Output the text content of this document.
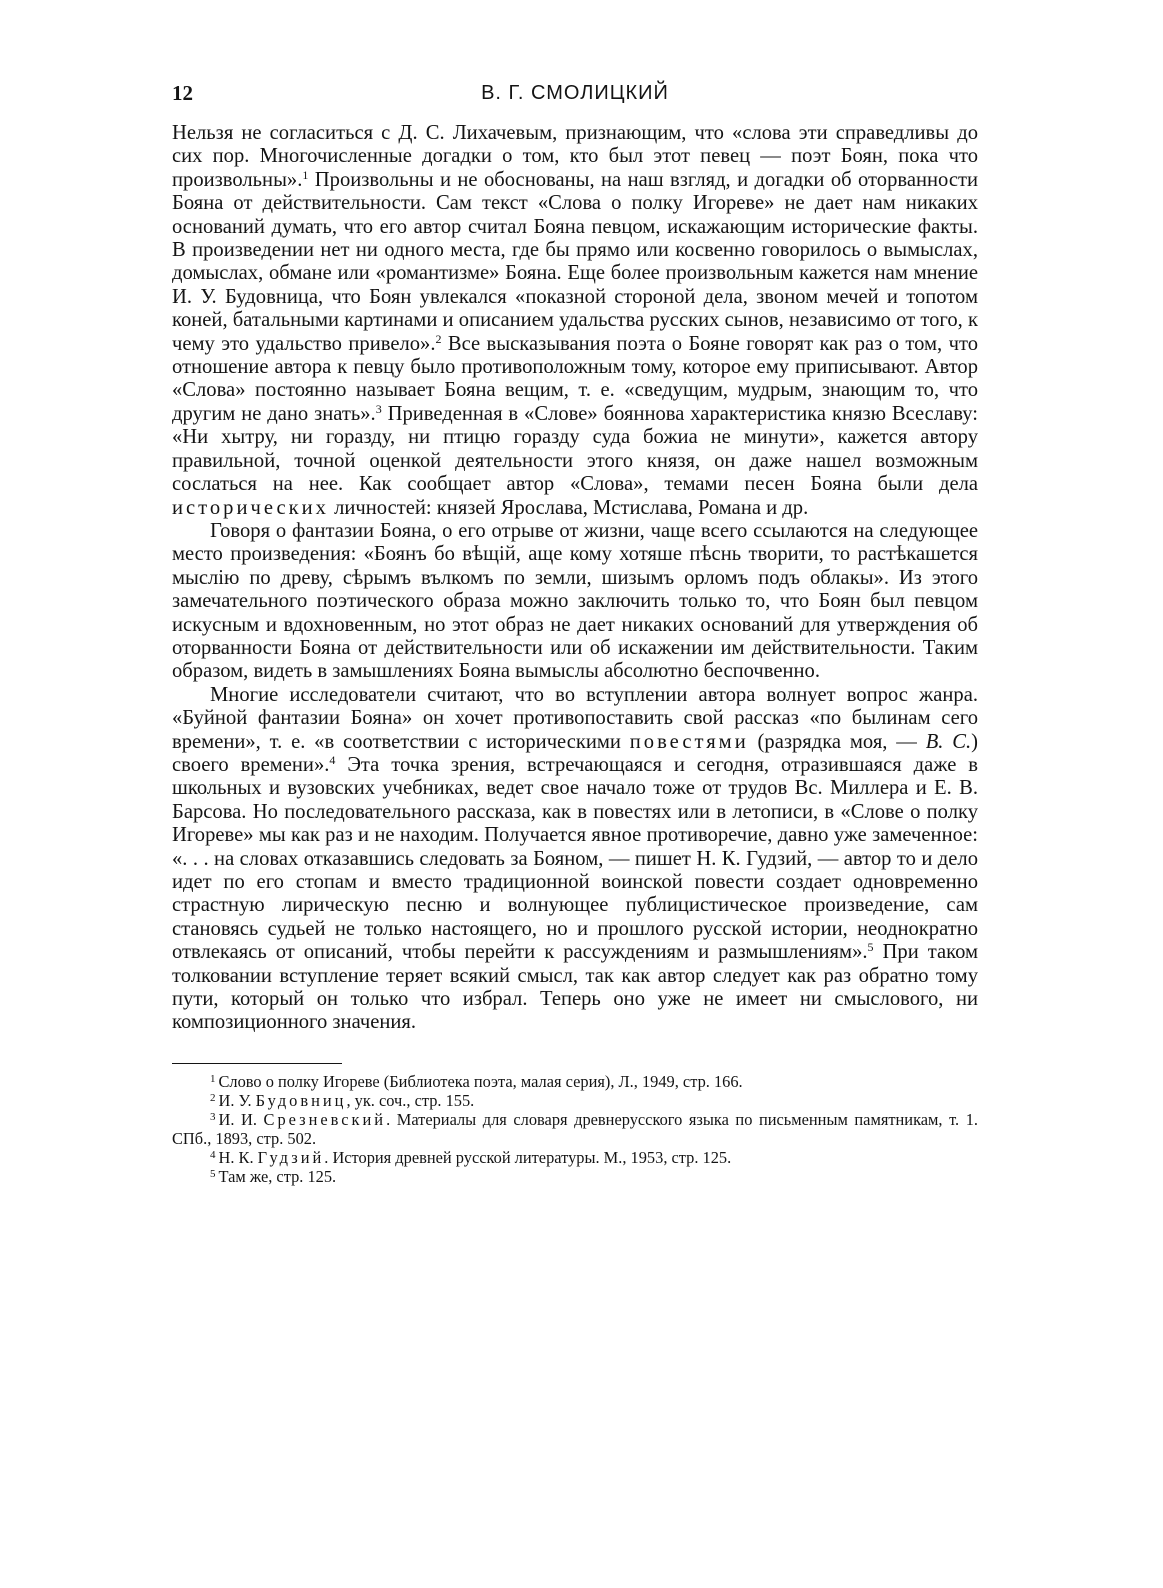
12	В. Г. СМОЛИЦКИЙ

Нельзя не согласиться с Д. С. Лихачевым, признающим, что «слова эти справедливы до сих пор. Многочисленные догадки о том, кто был этот певец — поэт Боян, пока что произвольны».$^1$ Произвольны и не обоснованы, на наш взгляд, и догадки об оторванности Бояна от действительности. Сам текст «Слова о полку Игореве» не дает нам никаких оснований думать, что его автор считал Бояна певцом, искажающим исторические факты. В произведении нет ни одного места, где бы прямо или косвенно говорилось о вымыслах, домыслах, обмане или «романтизме» Бояна. Еще более произвольным кажется нам мнение И. У. Будовница, что Боян увлекался «показной стороной дела, звоном мечей и топотом коней, батальными картинами и описанием удальства русских сынов, независимо от того, к чему это удальство привело».$^2$ Все высказывания поэта о Бояне говорят как раз о том, что отношение автора к певцу было противоположным тому, которое ему приписывают. Автор «Слова» постоянно называет Бояна вещим, т. е. «сведущим, мудрым, знающим то, что другим не дано знать».$^3$ Приведенная в «Слове» бояннова характеристика князю Всеславу: «Ни хытру, ни горазду, ни птицю горазду суда божиа не минути», кажется автору правильной, точной оценкой деятельности этого князя, он даже нашел возможным сослаться на нее. Как сообщает автор «Слова», темами песен Бояна были дела исторических личностей: князей Ярослава, Мстислава, Романа и др.

Говоря о фантазии Бояна, о его отрыве от жизни, чаще всего ссылаются на следующее место произведения: «Боянъ бо вѣщій, аще кому хотяше пѣснь творити, то растѣкашется мыслію по древу, сѣрымъ вълкомъ по земли, шизымъ орломъ подъ облакы». Из этого замечательного поэтического образа можно заключить только то, что Боян был певцом искусным и вдохновенным, но этот образ не дает никаких оснований для утверждения об оторванности Бояна от действительности или об искажении им действительности. Таким образом, видеть в замышлениях Бояна вымыслы абсолютно беспочвенно.

Многие исследователи считают, что во вступлении автора волнует вопрос жанра. «Буйной фантазии Бояна» он хочет противопоставить свой рассказ «по былинам сего времени», т. е. «в соответствии с историческими повестями (разрядка моя, — В. С.) своего времени».$^4$ Эта точка зрения, встречающаяся и сегодня, отразившаяся даже в школьных и вузовских учебниках, ведет свое начало тоже от трудов Вс. Миллера и Е. В. Барсова. Но последовательного рассказа, как в повестях или в летописи, в «Слове о полку Игореве» мы как раз и не находим. Получается явное противоречие, давно уже замеченное: «. . . на словах отказавшись следовать за Бояном, — пишет Н. К. Гудзий, — автор то и дело идет по его стопам и вместо традиционной воинской повести создает одновременно страстную лирическую песню и волнующее публицистическое произведение, сам становясь судьей не только настоящего, но и прошлого русской истории, неоднократно отвлекаясь от описаний, чтобы перейти к рассуждениям и размышлениям».$^5$ При таком толковании вступление теряет всякий смысл, так как автор следует как раз обратно тому пути, который он только что избрал. Теперь оно уже не имеет ни смыслового, ни композиционного значения.

$^1$ Слово о полку Игореве (Библиотека поэта, малая серия), Л., 1949, стр. 166.

$^2$ И. У. Будовниц, ук. соч., стр. 155.

$^3$ И. И. Срезневский. Материалы для словаря древнерусского языка по письменным памятникам, т. 1. СПб., 1893, стр. 502.

$^4$ Н. К. Гудзий. История древней русской литературы. М., 1953, стр. 125.

$^5$ Там же, стр. 125.
